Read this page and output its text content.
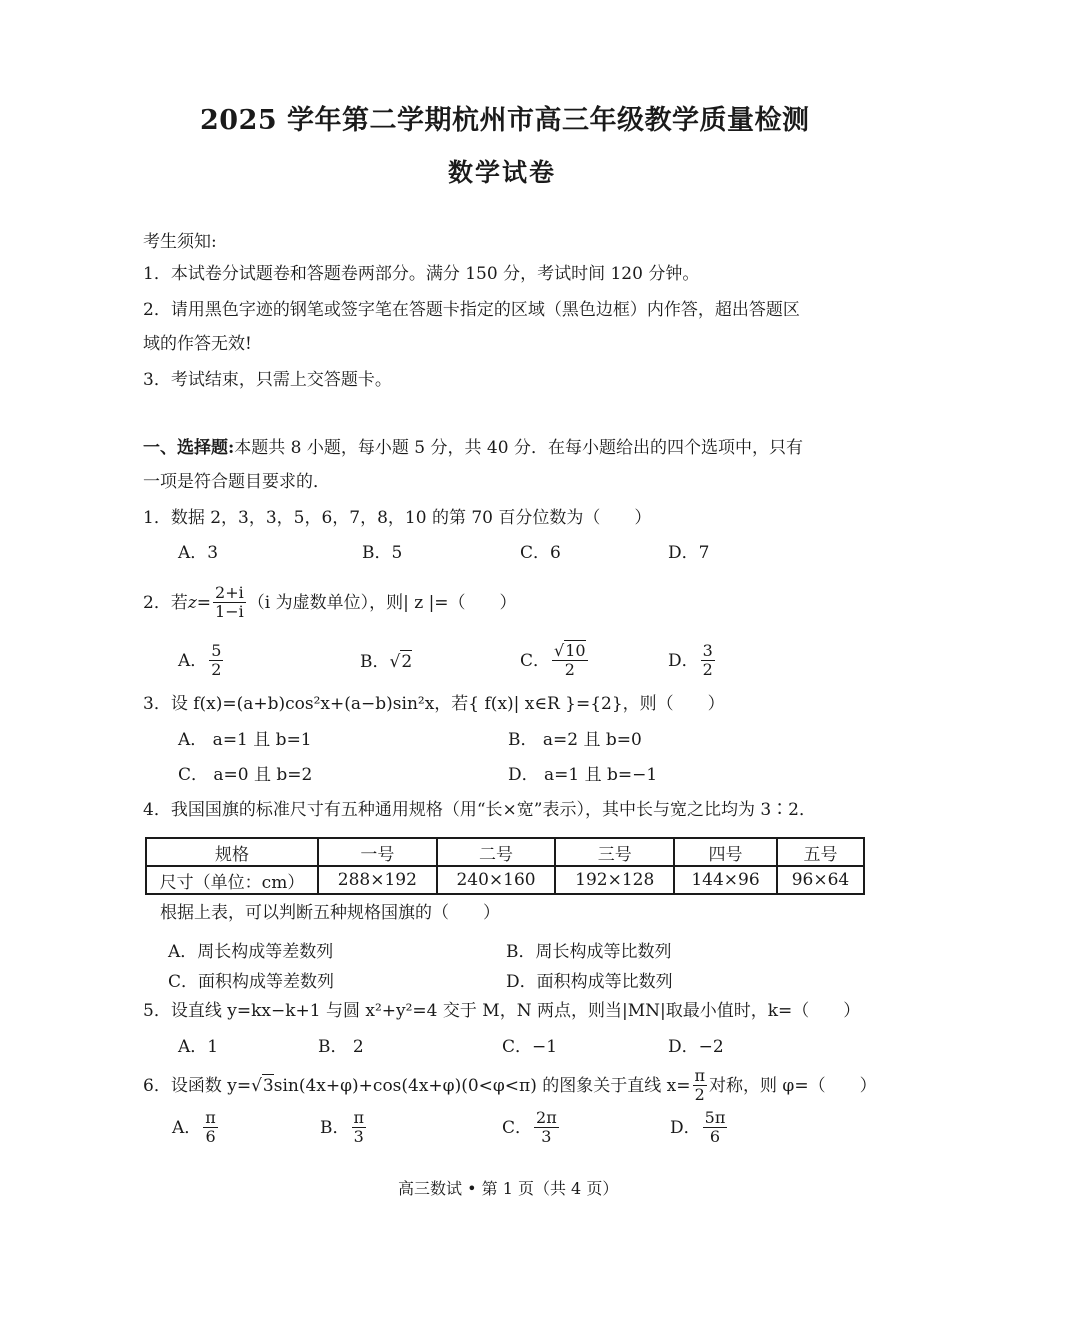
2025 学年第二学期杭州市高三年级教学质量检测
数学试卷
考生须知:
1．本试卷分试题卷和答题卷两部分。满分 150 分，考试时间 120 分钟。
2．请用黑色字迹的钢笔或签字笔在答题卡指定的区域（黑色边框）内作答，超出答题区
域的作答无效!
3．考试结束，只需上交答题卡。
一、选择题:本题共 8 小题，每小题 5 分，共 40 分．在每小题给出的四个选项中，只有
一项是符合题目要求的．
1．数据 2，3，3，5，6，7，8，10 的第 70 百分位数为（　　）
A．3	B．5	C．6	D．7
2．若 $z = \frac{2+i}{1-i} (i$ 为虚数单位），则| z |=（　　）
A． $\frac{5}{2}$	B． √ 2	C． $\frac{√10}{2}$	D． $\frac{3}{2}$
3．设 f(x)=(a+b)cos²x+(a−b)sin²x，若{ f(x)| x∈R }={2}，则（　　）
A． a=1 且 b=1	B． a=2 且 b=0
C． a=0 且 b=2	D． a=1 且 b=−1
4．我国国旗的标准尺寸有五种通用规格（用“长×宽”表示），其中长与宽之比均为 3∶2．
规格	一号	二号	三号	四号	五号
尺寸（单位：cm）	288×192	240×160	192×128	144×96	96×64
根据上表，可以判断五种规格国旗的（　　）
A．周长构成等差数列	B．周长构成等比数列
C．面积构成等差数列	D．面积构成等比数列
5．设直线 y=kx−k+1 与圆 x²+y²=4 交于 M，N 两点，则当|MN|取最小值时，k=（　　）
A．1	B． 2	C．−1	D．−2
6．设函数 y= √ 3 sin(4x+φ)+cos(4x+φ)(0<φ<π) 的图象关于直线 $x= \frac{\pi}{2}$ 对称，则 φ=（　　）
A． $\frac{\pi}{6}$	B． $\frac{\pi}{3}$	C． $\frac{2\pi}{3}$	D． $\frac{5\pi}{6}$
高三数试 • 第 1 页（共 4 页）
